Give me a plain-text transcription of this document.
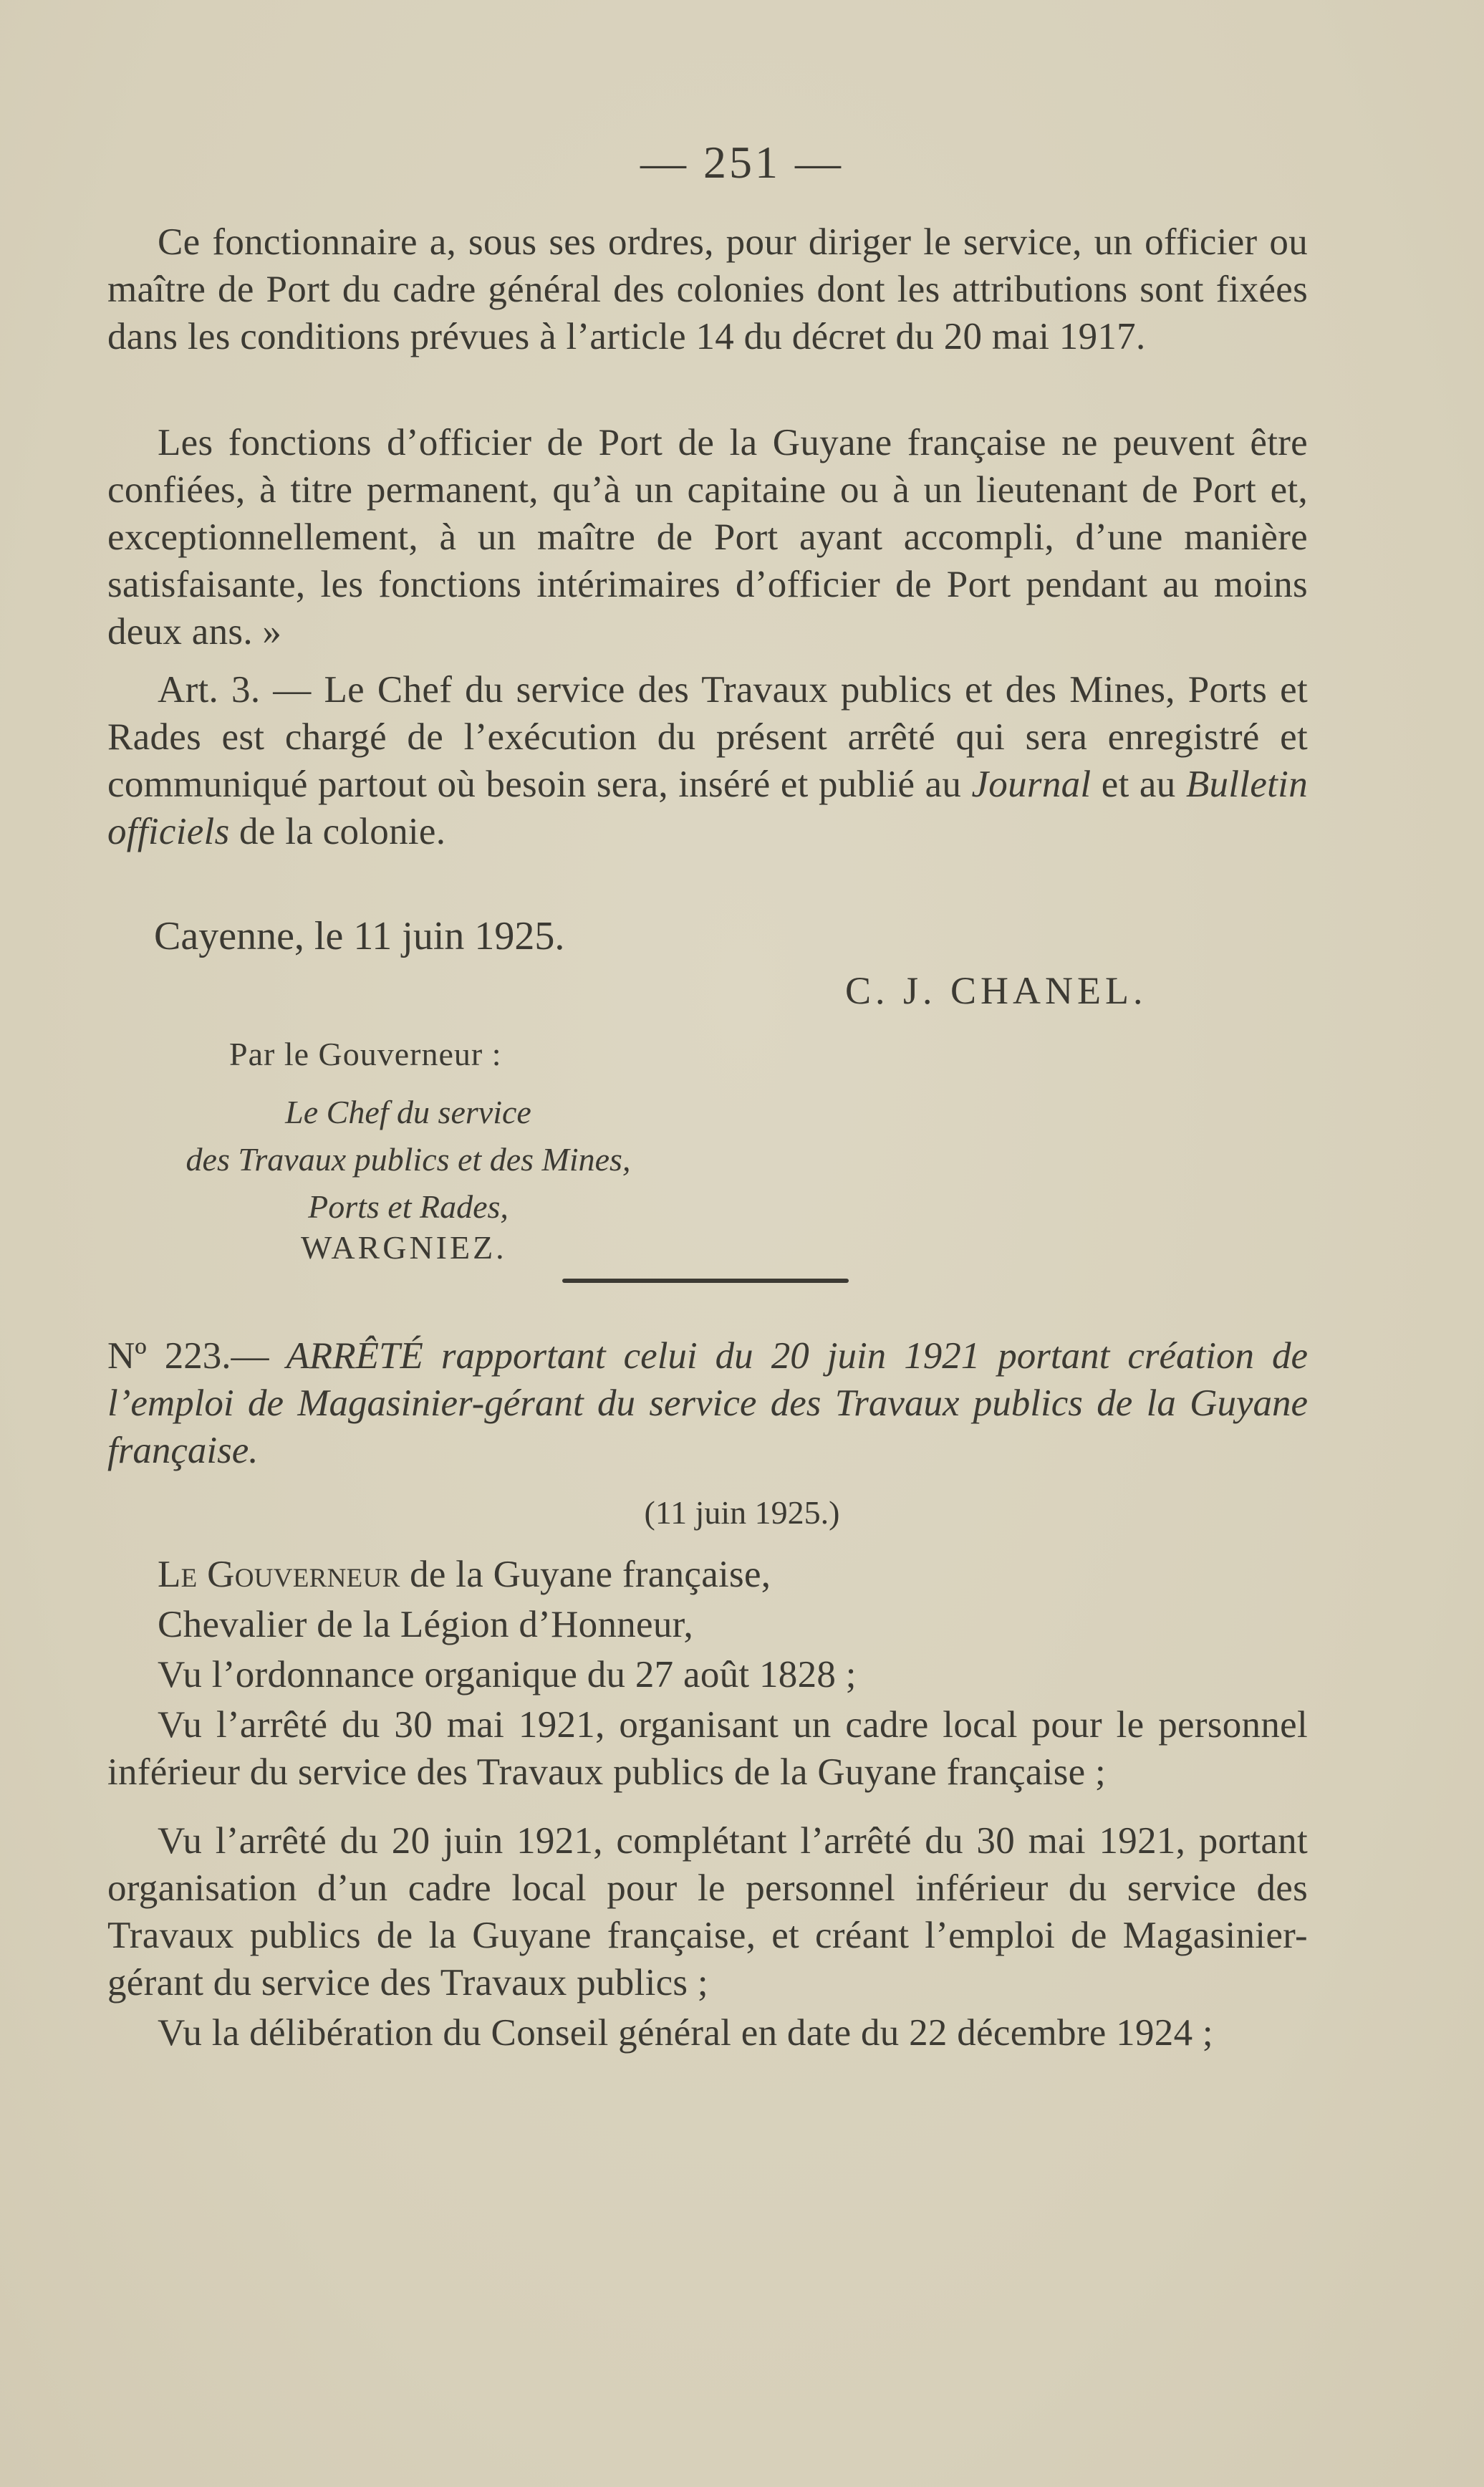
— 251 —

Ce fonctionnaire a, sous ses ordres, pour diriger le service, un officier ou maître de Port du cadre général des colonies dont les attributions sont fixées dans les conditions prévues à l’article 14 du décret du 20 mai 1917.

Les fonctions d’officier de Port de la Guyane française ne peuvent être confiées, à titre permanent, qu’à un capitaine ou à un lieutenant de Port et, exceptionnellement, à un maître de Port ayant accompli, d’une manière satisfaisante, les fonctions intérimaires d’officier de Port pendant au moins deux ans. »

Art. 3. — Le Chef du service des Travaux publics et des Mines, Ports et Rades est chargé de l’exécution du présent arrêté qui sera enregistré et communiqué partout où besoin sera, inséré et publié au Journal et au Bulletin officiels de la colonie.

Cayenne, le 11 juin 1925.
C. J. CHANEL.
Par le Gouverneur :
Le Chef du service
des Travaux publics et des Mines,
Ports et Rades,
WARGNIEZ.

Nº 223.— ARRÊTÉ rapportant celui du 20 juin 1921 portant création de l’emploi de Magasinier-gérant du service des Travaux publics de la Guyane française.

(11 juin 1925.)

Le Gouverneur de la Guyane française,

Chevalier de la Légion d’Honneur,

Vu l’ordonnance organique du 27 août 1828 ;

Vu l’arrêté du 30 mai 1921, organisant un cadre local pour le personnel inférieur du service des Travaux publics de la Guyane française ;

Vu l’arrêté du 20 juin 1921, complétant l’arrêté du 30 mai 1921, portant organisation d’un cadre local pour le personnel inférieur du service des Travaux publics de la Guyane française, et créant l’emploi de Magasinier-gérant du service des Travaux publics ;

Vu la délibération du Conseil général en date du 22 décembre 1924 ;
